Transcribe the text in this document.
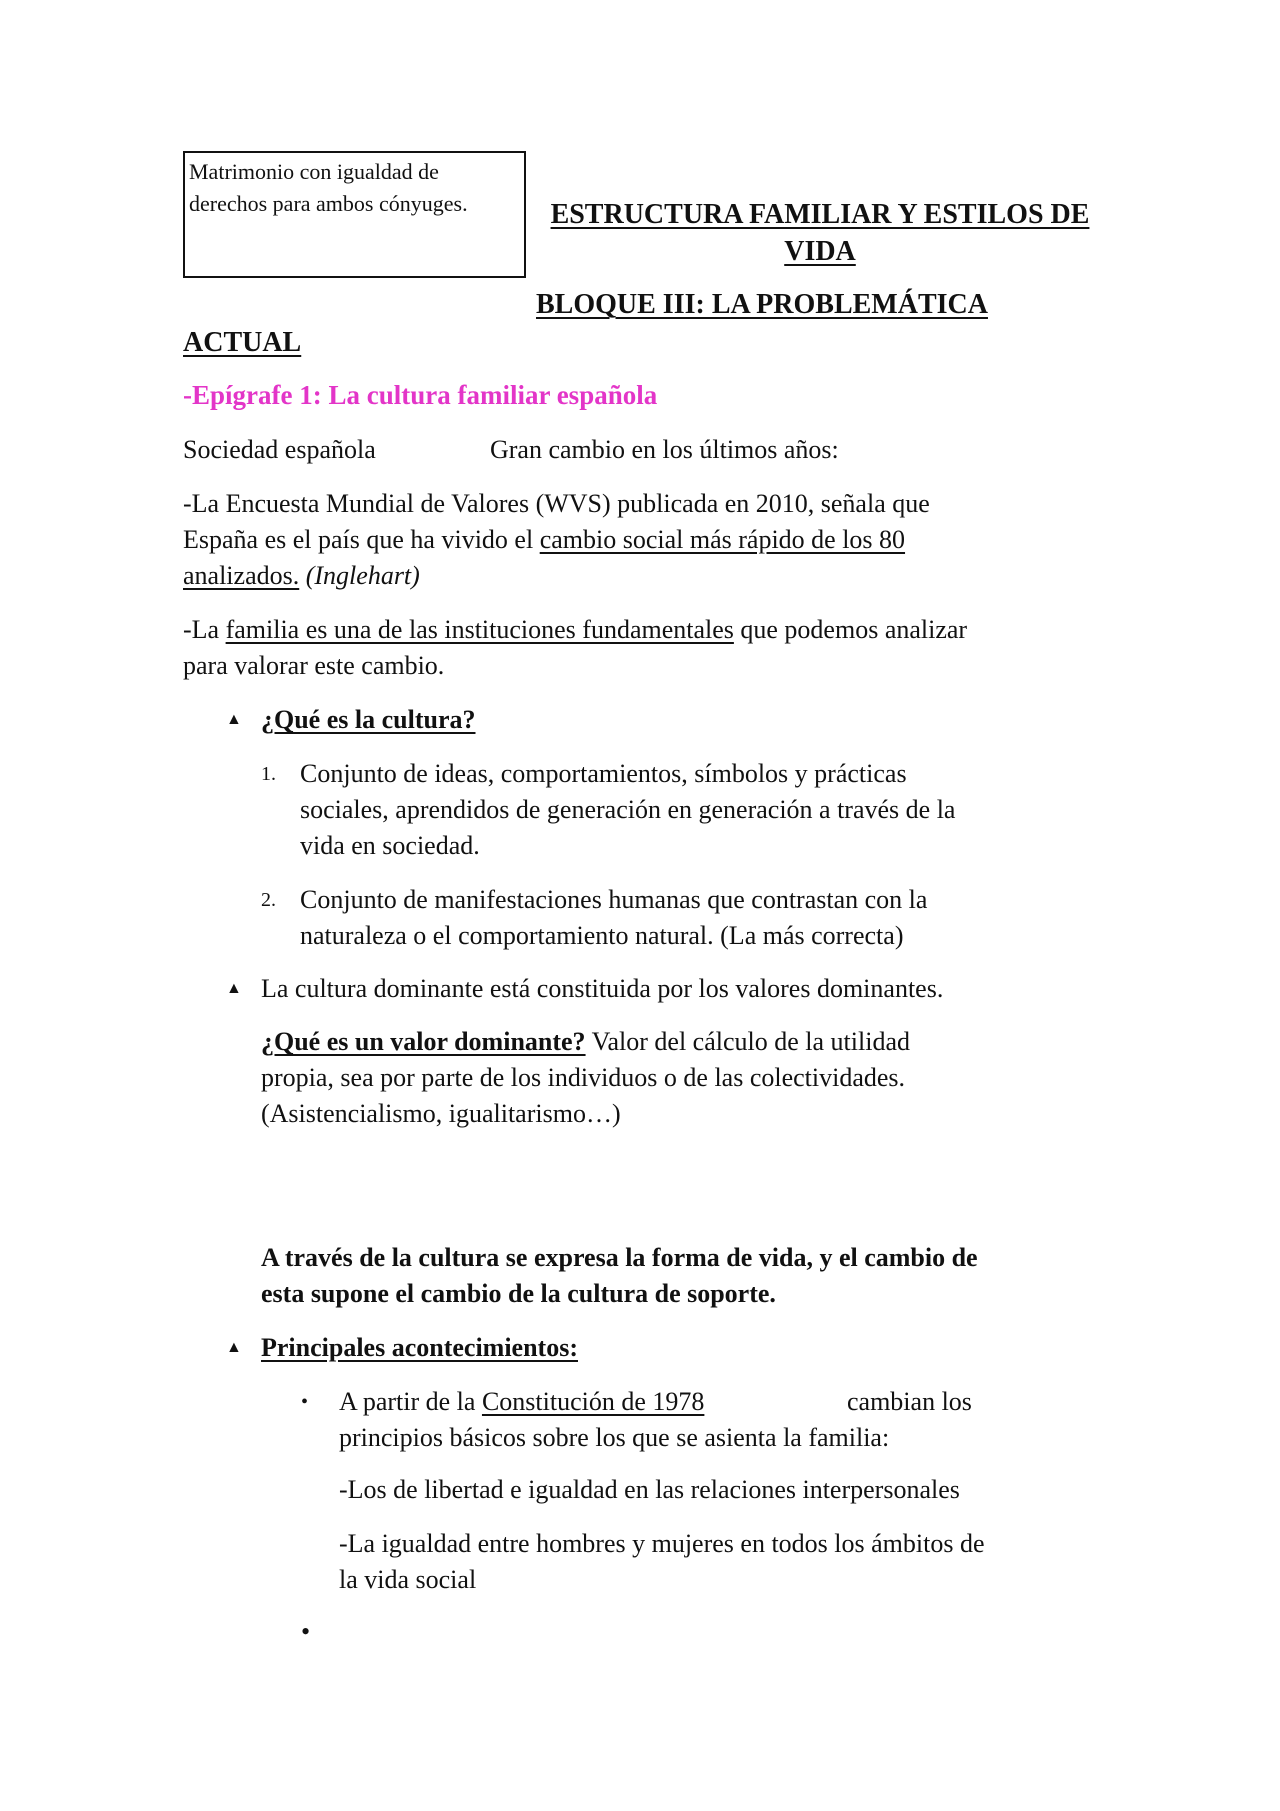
Matrimonio con igualdad de derechos para ambos cónyuges.	ESTRUCTURA FAMILIAR Y ESTILOS DE VIDA
BLOQUE III: LA PROBLEMÁTICA
ACTUAL
-Epígrafe 1: La cultura familiar española
Sociedad española	Gran cambio en los últimos años:
-La Encuesta Mundial de Valores (WVS) publicada en 2010, señala que
España es el país que ha vivido el cambio social más rápido de los 80
analizados. (Inglehart)
-La familia es una de las instituciones fundamentales que podemos analizar
para valorar este cambio.
▲ ¿Qué es la cultura?
1. Conjunto de ideas, comportamientos, símbolos y prácticas
sociales, aprendidos de generación en generación a través de la
vida en sociedad.
2. Conjunto de manifestaciones humanas que contrastan con la
naturaleza o el comportamiento natural. (La más correcta)
▲ La cultura dominante está constituida por los valores dominantes.
¿Qué es un valor dominante? Valor del cálculo de la utilidad
propia, sea por parte de los individuos o de las colectividades.
(Asistencialismo, igualitarismo…)
A través de la cultura se expresa la forma de vida, y el cambio de
esta supone el cambio de la cultura de soporte.
▲ Principales acontecimientos:
• A partir de la Constitución de 1978	cambian los
principios básicos sobre los que se asienta la familia:
-Los de libertad e igualdad en las relaciones interpersonales
-La igualdad entre hombres y mujeres en todos los ámbitos de
la vida social
•
